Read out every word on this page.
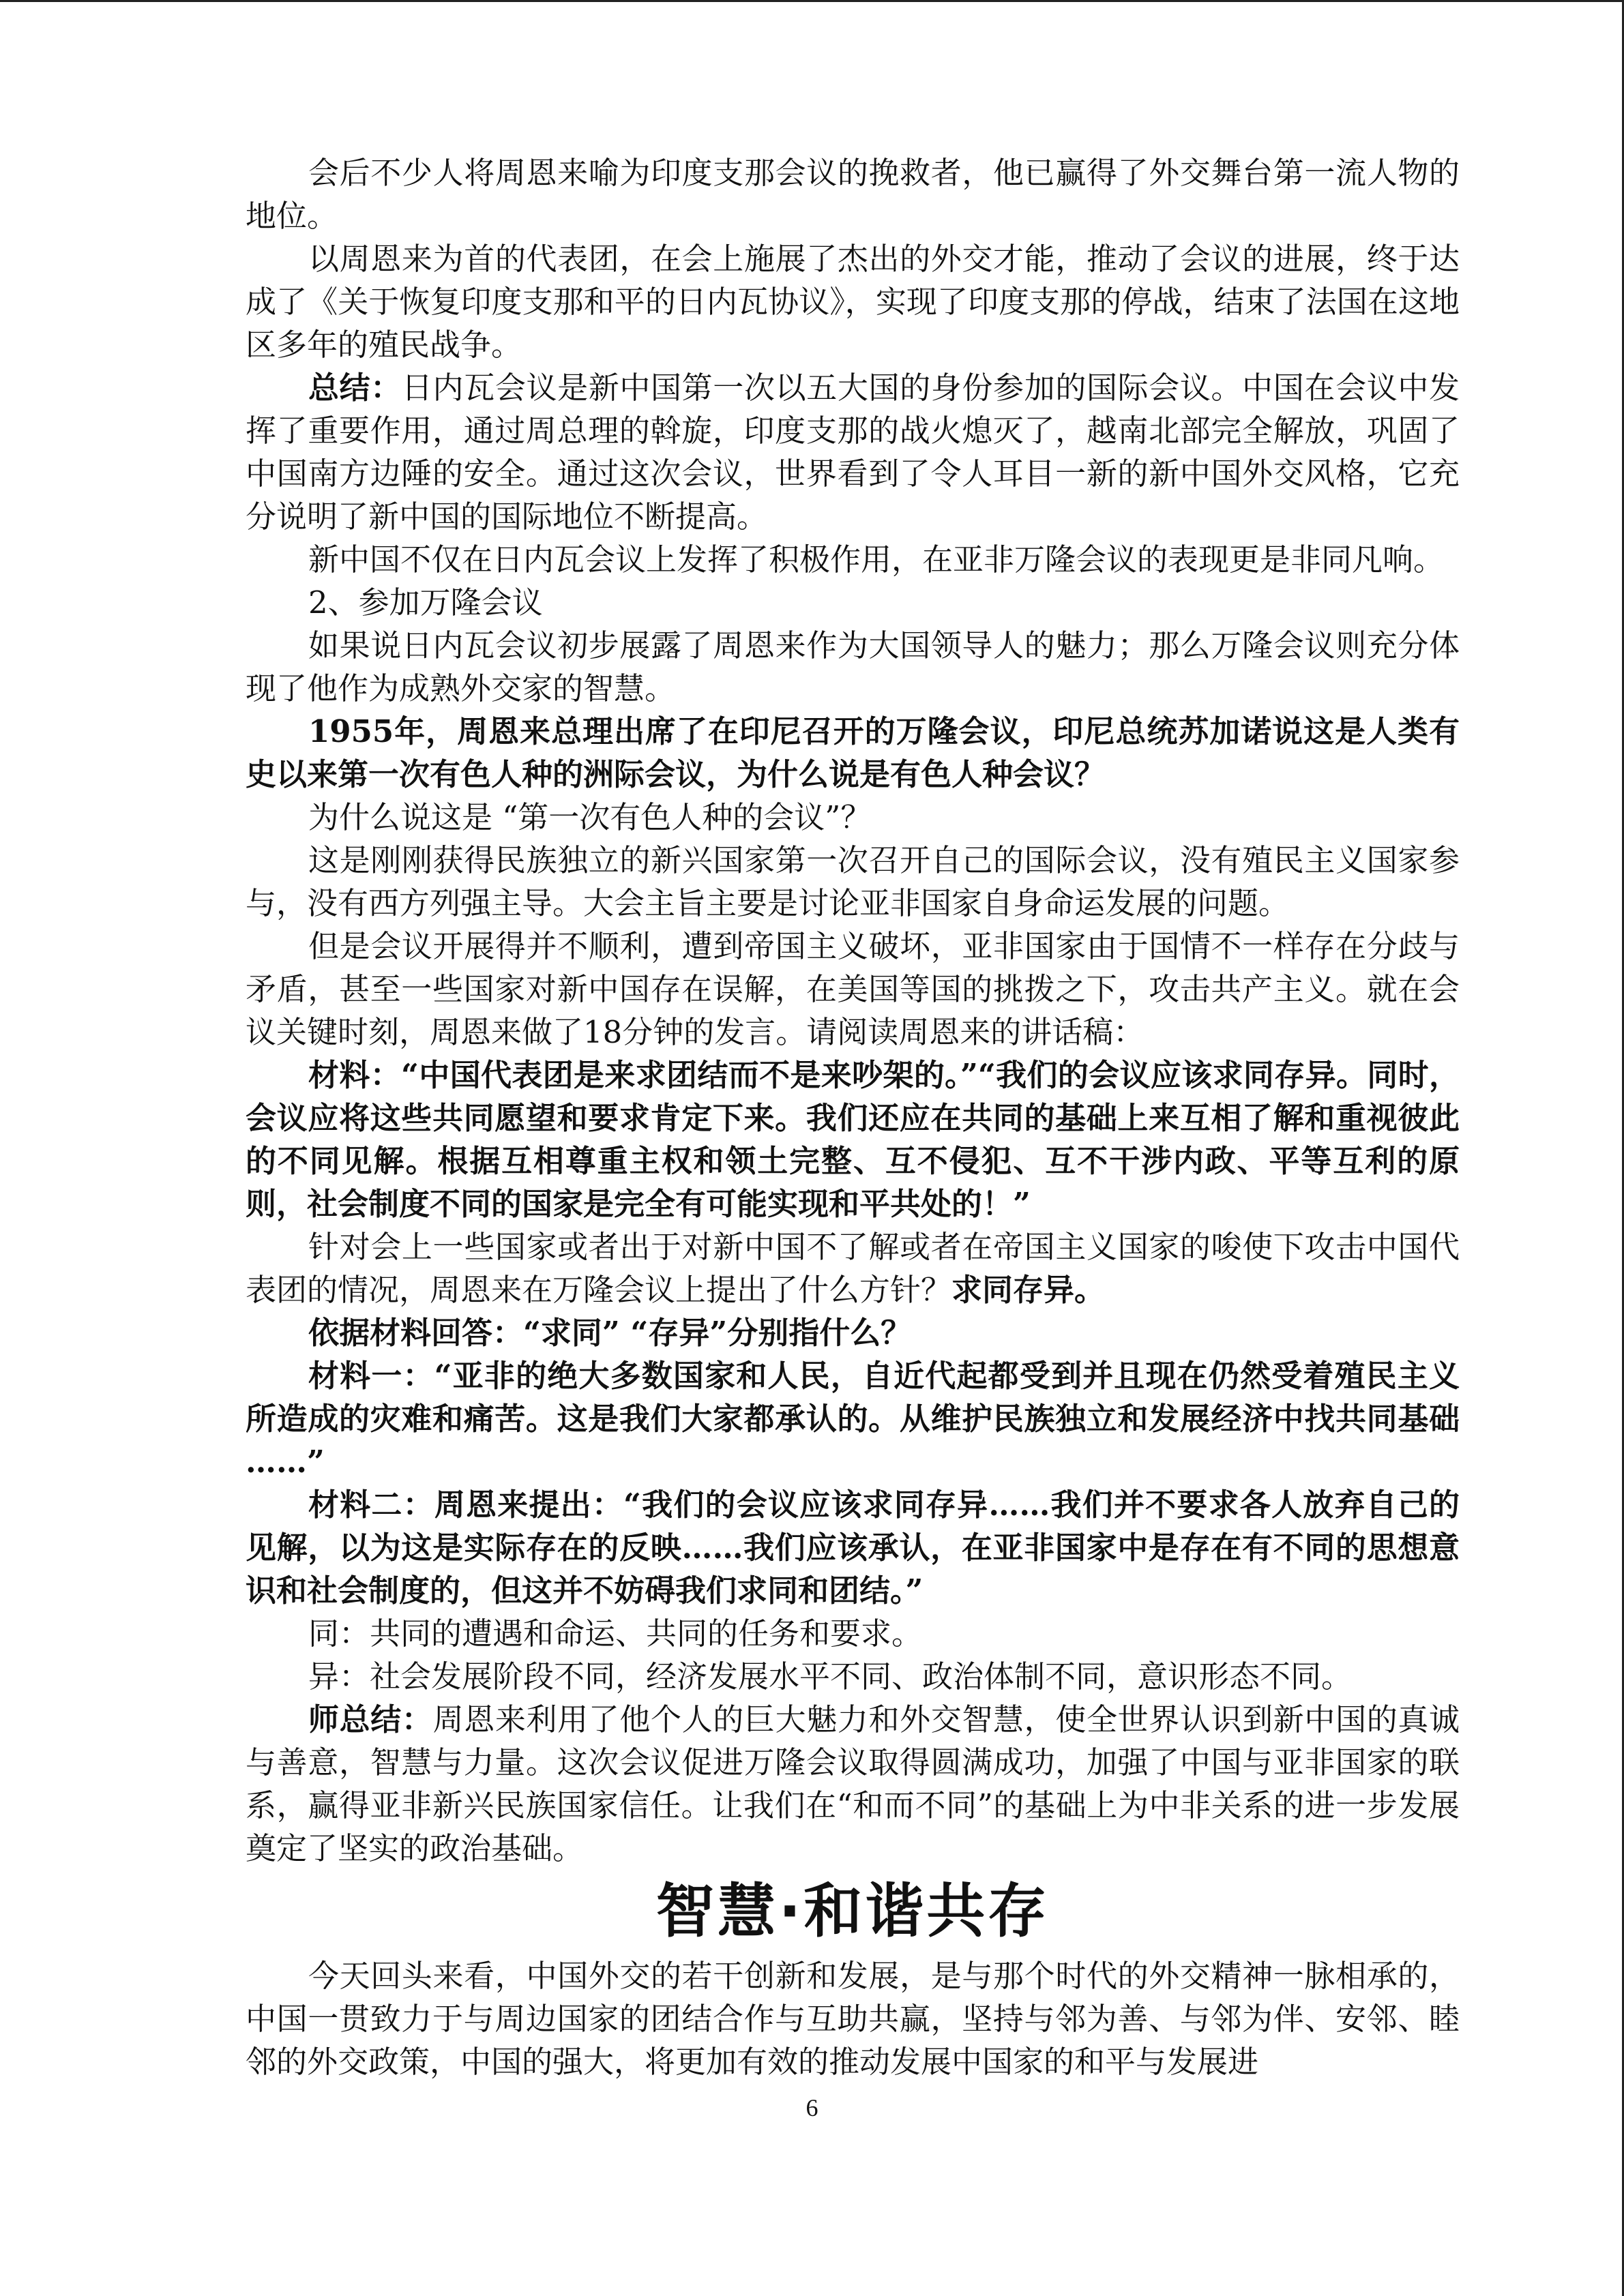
会后不少人将周恩来喻为印度支那会议的挽救者，他已赢得了外交舞台第一流人物的地位。

以周恩来为首的代表团，在会上施展了杰出的外交才能，推动了会议的进展，终于达成了《关于恢复印度支那和平的日内瓦协议》，实现了印度支那的停战，结束了法国在这地区多年的殖民战争。

总结：日内瓦会议是新中国第一次以五大国的身份参加的国际会议。中国在会议中发挥了重要作用，通过周总理的斡旋，印度支那的战火熄灭了，越南北部完全解放，巩固了中国南方边陲的安全。通过这次会议，世界看到了令人耳目一新的新中国外交风格，它充分说明了新中国的国际地位不断提高。

新中国不仅在日内瓦会议上发挥了积极作用，在亚非万隆会议的表现更是非同凡响。

2、参加万隆会议

如果说日内瓦会议初步展露了周恩来作为大国领导人的魅力；那么万隆会议则充分体现了他作为成熟外交家的智慧。

1955年，周恩来总理出席了在印尼召开的万隆会议，印尼总统苏加诺说这是人类有史以来第一次有色人种的洲际会议，为什么说是有色人种会议？

为什么说这是 “第一次有色人种的会议”？

这是刚刚获得民族独立的新兴国家第一次召开自己的国际会议，没有殖民主义国家参与，没有西方列强主导。大会主旨主要是讨论亚非国家自身命运发展的问题。

但是会议开展得并不顺利，遭到帝国主义破坏，亚非国家由于国情不一样存在分歧与矛盾，甚至一些国家对新中国存在误解，在美国等国的挑拨之下，攻击共产主义。就在会议关键时刻，周恩来做了18分钟的发言。请阅读周恩来的讲话稿：

材料：“中国代表团是来求团结而不是来吵架的。”“我们的会议应该求同存异。同时，会议应将这些共同愿望和要求肯定下来。我们还应在共同的基础上来互相了解和重视彼此的不同见解。根据互相尊重主权和领土完整、互不侵犯、互不干涉内政、平等互利的原则，社会制度不同的国家是完全有可能实现和平共处的！”

针对会上一些国家或者出于对新中国不了解或者在帝国主义国家的唆使下攻击中国代表团的情况，周恩来在万隆会议上提出了什么方针？求同存异。

依据材料回答：“求同” “存异”分别指什么？

材料一：“亚非的绝大多数国家和人民，自近代起都受到并且现在仍然受着殖民主义所造成的灾难和痛苦。这是我们大家都承认的。从维护民族独立和发展经济中找共同基础 ……”

材料二：周恩来提出：“我们的会议应该求同存异……我们并不要求各人放弃自己的见解，以为这是实际存在的反映……我们应该承认，在亚非国家中是存在有不同的思想意识和社会制度的，但这并不妨碍我们求同和团结。”

同：共同的遭遇和命运、共同的任务和要求。

异：社会发展阶段不同，经济发展水平不同、政治体制不同，意识形态不同。

师总结：周恩来利用了他个人的巨大魅力和外交智慧，使全世界认识到新中国的真诚与善意，智慧与力量。这次会议促进万隆会议取得圆满成功，加强了中国与亚非国家的联系，赢得亚非新兴民族国家信任。让我们在“和而不同”的基础上为中非关系的进一步发展奠定了坚实的政治基础。

智慧·和谐共存

今天回头来看，中国外交的若干创新和发展，是与那个时代的外交精神一脉相承的，中国一贯致力于与周边国家的团结合作与互助共赢，坚持与邻为善、与邻为伴、安邻、睦邻的外交政策，中国的强大，将更加有效的推动发展中国家的和平与发展进

6
